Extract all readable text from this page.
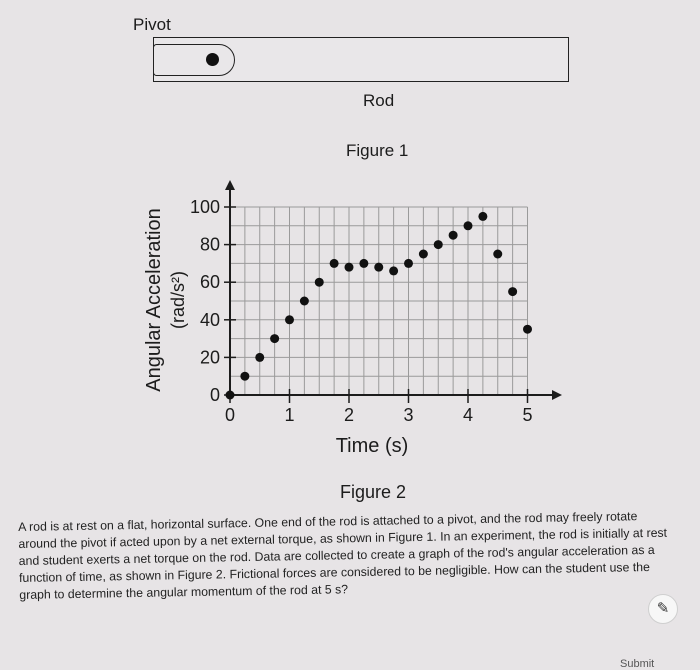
Pivot
Rod
Figure 1
0
20
40
60
80
100
0	1	2	3	4	5
Angular Acceleration (rad/s²)
Time (s)
Figure 2
A rod is at rest on a flat, horizontal surface. One end of the rod is attached to a pivot, and the rod may freely rotate around the pivot if acted upon by a net external torque, as shown in Figure 1. In an experiment, the rod is initially at rest and student exerts a net torque on the rod. Data are collected to create a graph of the rod's angular acceleration as a function of time, as shown in Figure 2. Frictional forces are considered to be negligible. How can the student use the graph to determine the angular momentum of the rod at 5 s?
✎
Submit
